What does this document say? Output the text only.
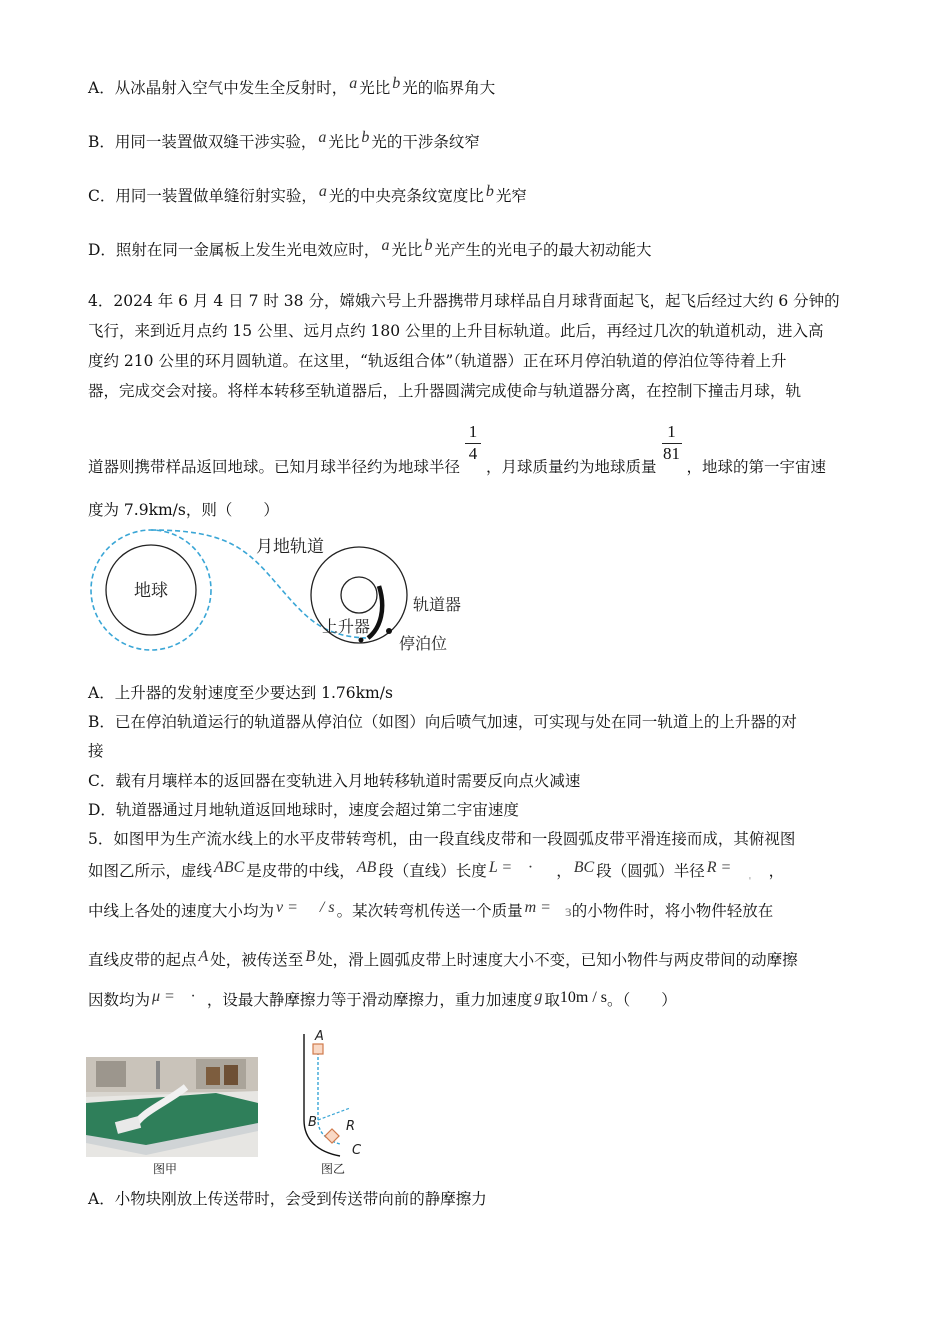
A．从冰晶射入空气中发生全反射时， a 光比 b 光的临界角大
B．用同一装置做双缝干涉实验， a 光比 b 光的干涉条纹窄
C．用同一装置做单缝衍射实验， a 光的中央亮条纹宽度比 b 光窄
D．照射在同一金属板上发生光电效应时， a 光比 b 光产生的光电子的最大初动能大
4．2024 年 6 月 4 日 7 时 38 分，嫦娥六号上升器携带月球样品自月球背面起飞，起飞后经过大约 6 分钟的
飞行，来到近月点约 15 公里、远月点约 180 公里的上升目标轨道。此后，再经过几次的轨道机动，进入高
度约 210 公里的环月圆轨道。在这里，“轨返组合体”（轨道器）正在环月停泊轨道的停泊位等待着上升
器，完成交会对接。将样本转移至轨道器后，上升器圆满完成使命与轨道器分离，在控制下撞击月球，轨
道器则携带样品返回地球。已知月球半径约为地球半径 $\frac{1}{4}$ ，月球质量约为地球质量 $\frac{1}{81}$ ，地球的第一宇宙速
度为 7.9km/s，则（　　）
地球
月地轨道
轨道器
上升器
停泊位
A．上升器的发射速度至少要达到 1.76km/s
B．已在停泊轨道运行的轨道器从停泊位（如图）向后喷气加速，可实现与处在同一轨道上的上升器的对
接
C．载有月壤样本的返回器在变轨进入月地转移轨道时需要反向点火减速
D．轨道器通过月地轨道返回地球时，速度会超过第二宇宙速度
5．如图甲为生产流水线上的水平皮带转弯机，由一段直线皮带和一段圆弧皮带平滑连接而成，其俯视图
如图乙所示，虚线 ABC 是皮带的中线， AB 段（直线）长度 L =　· ， BC 段（圆弧）半径 R = ˌ ，
中线上各处的速度大小均为 v = / s 。某次转弯机传送一个质量 m = ɜ的小物件时，将小物件轻放在
直线皮带的起点 A 处，被传送至 B 处，滑上圆弧皮带上时速度大小不变，已知小物件与两皮带间的动摩擦
因数均为 μ =　· ，设最大静摩擦力等于滑动摩擦力，重力加速度 g 取10m / s。（　　）
图甲
A
B R
C
图乙
A．小物块刚放上传送带时，会受到传送带向前的静摩擦力
